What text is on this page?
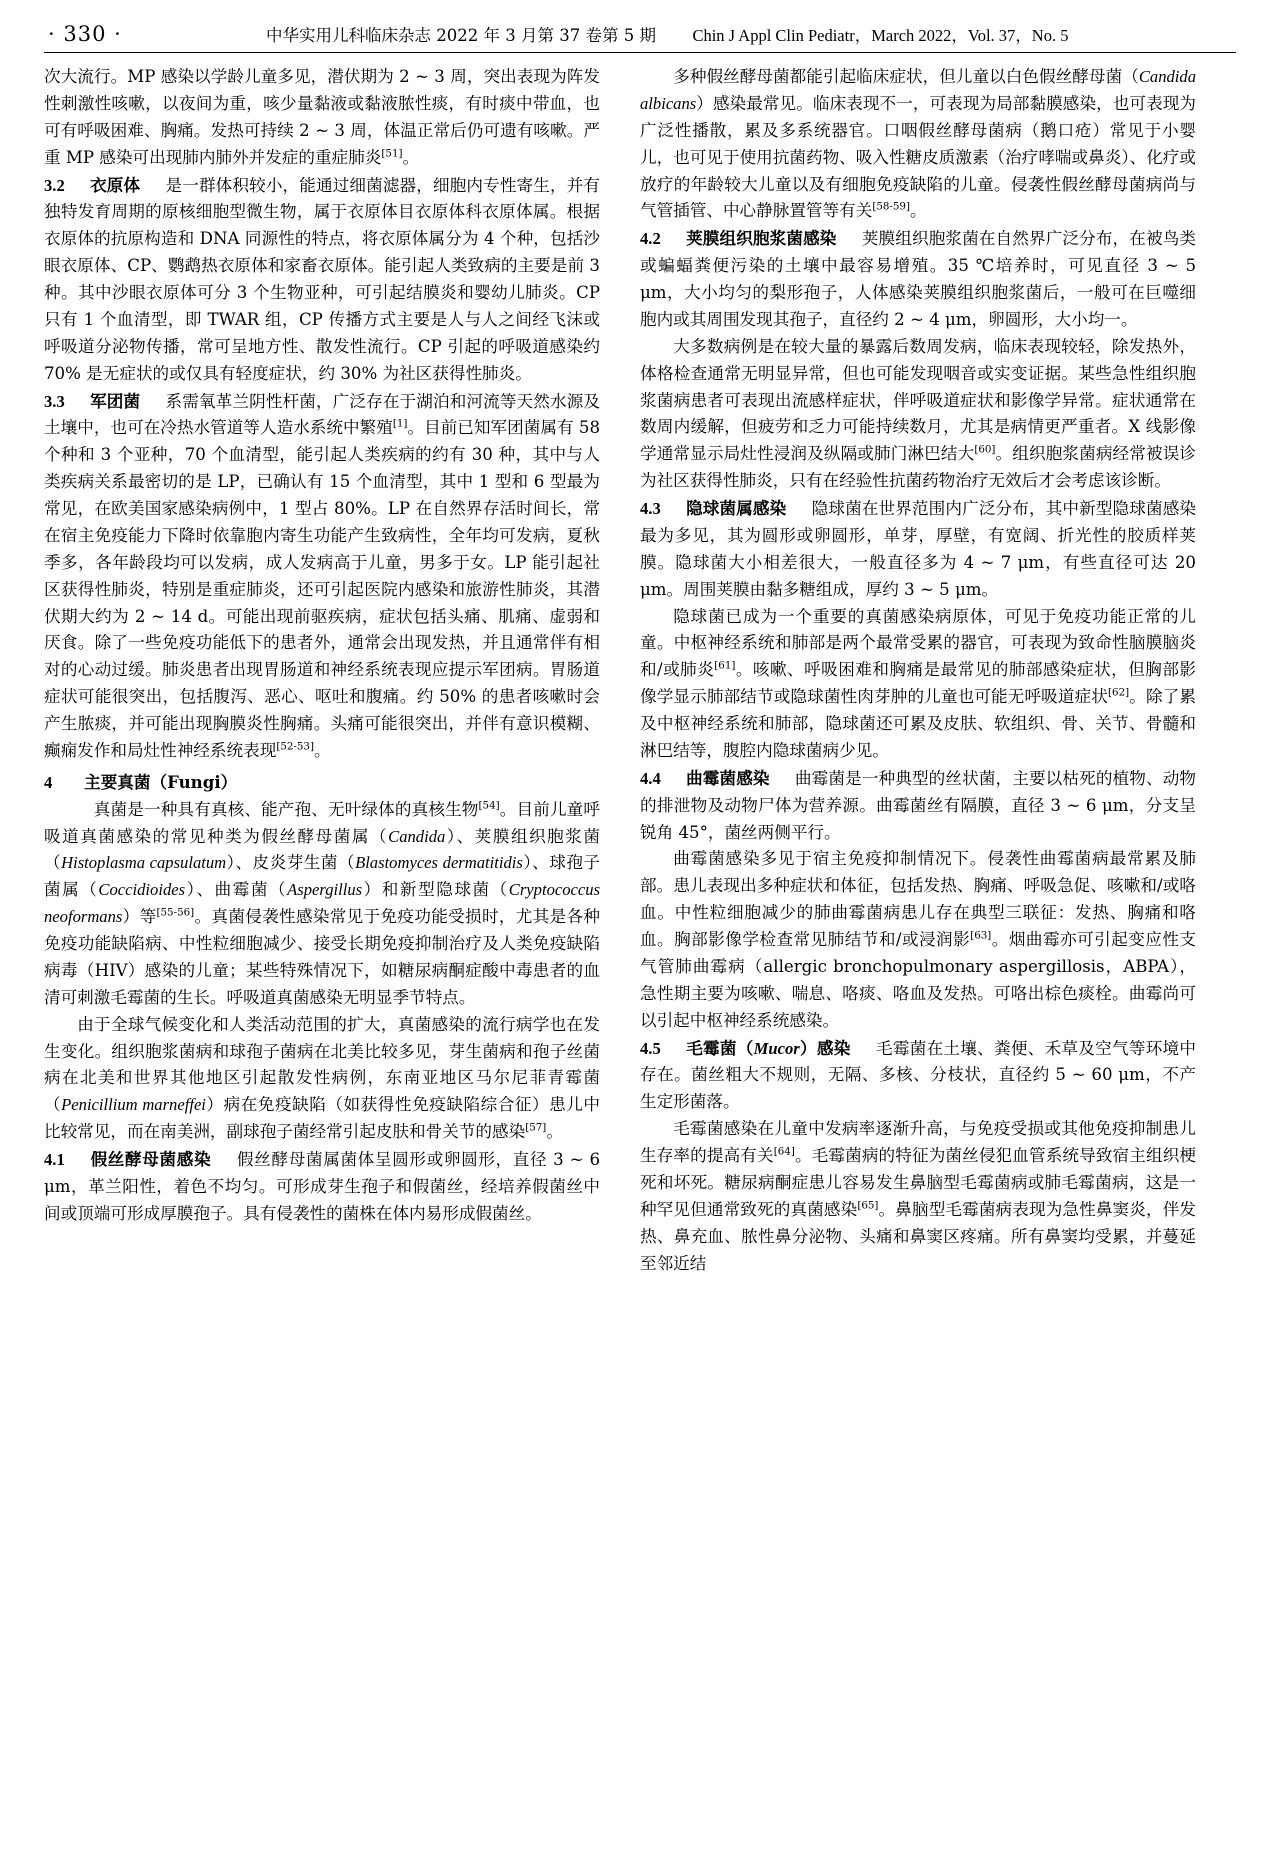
· 330 ·	中华实用儿科临床杂志 2022 年 3 月第 37 卷第 5 期 Chin J Appl Clin Pediatr，March 2022，Vol. 37，No. 5

次大流行。MP 感染以学龄儿童多见，潜伏期为 2 ~ 3 周，突出表现为阵发性刺激性咳嗽，以夜间为重，咳少量黏液或黏液脓性痰，有时痰中带血，也可有呼吸困难、胸痛。发热可持续 2 ~ 3 周，体温正常后仍可遗有咳嗽。严重 MP 感染可出现肺内肺外并发症的重症肺炎[51]。

3.2 衣原体 是一群体积较小，能通过细菌滤器，细胞内专性寄生，并有独特发育周期的原核细胞型微生物，属于衣原体目衣原体科衣原体属。根据衣原体的抗原构造和 DNA 同源性的特点，将衣原体属分为 4 个种，包括沙眼衣原体、CP、鹦鹉热衣原体和家畜衣原体。能引起人类致病的主要是前 3 种。其中沙眼衣原体可分 3 个生物亚种，可引起结膜炎和婴幼儿肺炎。CP 只有 1 个血清型，即 TWAR 组，CP 传播方式主要是人与人之间经飞沫或呼吸道分泌物传播，常可呈地方性、散发性流行。CP 引起的呼吸道感染约 70% 是无症状的或仅具有轻度症状，约 30% 为社区获得性肺炎。

3.3 军团菌 系需氧革兰阴性杆菌，广泛存在于湖泊和河流等天然水源及土壤中，也可在冷热水管道等人造水系统中繁殖[1]。目前已知军团菌属有 58 个种和 3 个亚种，70 个血清型，能引起人类疾病的约有 30 种，其中与人类疾病关系最密切的是 LP，已确认有 15 个血清型，其中 1 型和 6 型最为常见，在欧美国家感染病例中，1 型占 80%。LP 在自然界存活时间长，常在宿主免疫能力下降时依靠胞内寄生功能产生致病性，全年均可发病，夏秋季多，各年龄段均可以发病，成人发病高于儿童，男多于女。LP 能引起社区获得性肺炎，特别是重症肺炎，还可引起医院内感染和旅游性肺炎，其潜伏期大约为 2 ~ 14 d。可能出现前驱疾病，症状包括头痛、肌痛、虚弱和厌食。除了一些免疫功能低下的患者外，通常会出现发热，并且通常伴有相对的心动过缓。肺炎患者出现胃肠道和神经系统表现应提示军团病。胃肠道症状可能很突出，包括腹泻、恶心、呕吐和腹痛。约 50% 的患者咳嗽时会产生脓痰，并可能出现胸膜炎性胸痛。头痛可能很突出，并伴有意识模糊、癫痫发作和局灶性神经系统表现[52-53]。

4 主要真菌（Fungi）

真菌是一种具有真核、能产孢、无叶绿体的真核生物[54]。目前儿童呼吸道真菌感染的常见种类为假丝酵母菌属（Candida）、荚膜组织胞浆菌（Histoplasma capsulatum）、皮炎芽生菌（Blastomyces dermatitidis）、球孢子菌属（Coccidioides）、曲霉菌（Aspergillus）和新型隐球菌（Cryptococcus neoformans）等[55-56]。真菌侵袭性感染常见于免疫功能受损时，尤其是各种免疫功能缺陷病、中性粒细胞减少、接受长期免疫抑制治疗及人类免疫缺陷病毒（HIV）感染的儿童；某些特殊情况下，如糖尿病酮症酸中毒患者的血清可刺激毛霉菌的生长。呼吸道真菌感染无明显季节特点。

由于全球气候变化和人类活动范围的扩大，真菌感染的流行病学也在发生变化。组织胞浆菌病和球孢子菌病在北美比较多见，芽生菌病和孢子丝菌病在北美和世界其他地区引起散发性病例，东南亚地区马尔尼菲青霉菌（Penicillium marneffei）病在免疫缺陷（如获得性免疫缺陷综合征）患儿中比较常见，而在南美洲，副球孢子菌经常引起皮肤和骨关节的感染[57]。

4.1 假丝酵母菌感染 假丝酵母菌属菌体呈圆形或卵圆形，直径 3 ~ 6 μm，革兰阳性，着色不均匀。可形成芽生孢子和假菌丝，经培养假菌丝中间或顶端可形成厚膜孢子。具有侵袭性的菌株在体内易形成假菌丝。

多种假丝酵母菌都能引起临床症状，但儿童以白色假丝酵母菌（Candida albicans）感染最常见。临床表现不一，可表现为局部黏膜感染，也可表现为广泛性播散，累及多系统器官。口咽假丝酵母菌病（鹅口疮）常见于小婴儿，也可见于使用抗菌药物、吸入性糖皮质激素（治疗哮喘或鼻炎）、化疗或放疗的年龄较大儿童以及有细胞免疫缺陷的儿童。侵袭性假丝酵母菌病尚与气管插管、中心静脉置管等有关[58-59]。

4.2 荚膜组织胞浆菌感染 荚膜组织胞浆菌在自然界广泛分布，在被鸟类或蝙蝠粪便污染的土壤中最容易增殖。35 ℃培养时，可见直径 3 ~ 5 μm，大小均匀的梨形孢子，人体感染荚膜组织胞浆菌后，一般可在巨噬细胞内或其周围发现其孢子，直径约 2 ~ 4 μm，卵圆形，大小均一。

大多数病例是在较大量的暴露后数周发病，临床表现较轻，除发热外，体格检查通常无明显异常，但也可能发现咽音或实变证据。某些急性组织胞浆菌病患者可表现出流感样症状，伴呼吸道症状和影像学异常。症状通常在数周内缓解，但疲劳和乏力可能持续数月，尤其是病情更严重者。X 线影像学通常显示局灶性浸润及纵隔或肺门淋巴结大[60]。组织胞浆菌病经常被误诊为社区获得性肺炎，只有在经验性抗菌药物治疗无效后才会考虑该诊断。

4.3 隐球菌属感染 隐球菌在世界范围内广泛分布，其中新型隐球菌感染最为多见，其为圆形或卵圆形，单芽，厚壁，有宽阔、折光性的胶质样荚膜。隐球菌大小相差很大，一般直径多为 4 ~ 7 μm，有些直径可达 20 μm。周围荚膜由黏多糖组成，厚约 3 ~ 5 μm。

隐球菌已成为一个重要的真菌感染病原体，可见于免疫功能正常的儿童。中枢神经系统和肺部是两个最常受累的器官，可表现为致命性脑膜脑炎和/或肺炎[61]。咳嗽、呼吸困难和胸痛是最常见的肺部感染症状，但胸部影像学显示肺部结节或隐球菌性肉芽肿的儿童也可能无呼吸道症状[62]。除了累及中枢神经系统和肺部，隐球菌还可累及皮肤、软组织、骨、关节、骨髓和淋巴结等，腹腔内隐球菌病少见。

4.4 曲霉菌感染 曲霉菌是一种典型的丝状菌，主要以枯死的植物、动物的排泄物及动物尸体为营养源。曲霉菌丝有隔膜，直径 3 ~ 6 μm，分支呈锐角 45°，菌丝两侧平行。

曲霉菌感染多见于宿主免疫抑制情况下。侵袭性曲霉菌病最常累及肺部。患儿表现出多种症状和体征，包括发热、胸痛、呼吸急促、咳嗽和/或咯血。中性粒细胞减少的肺曲霉菌病患儿存在典型三联征：发热、胸痛和咯血。胸部影像学检查常见肺结节和/或浸润影[63]。烟曲霉亦可引起变应性支气管肺曲霉病（allergic bronchopulmonary aspergillosis，ABPA），急性期主要为咳嗽、喘息、咯痰、咯血及发热。可咯出棕色痰栓。曲霉尚可以引起中枢神经系统感染。

4.5 毛霉菌（Mucor）感染 毛霉菌在土壤、粪便、禾草及空气等环境中存在。菌丝粗大不规则，无隔、多核、分枝状，直径约 5 ~ 60 μm，不产生定形菌落。

毛霉菌感染在儿童中发病率逐渐升高，与免疫受损或其他免疫抑制患儿生存率的提高有关[64]。毛霉菌病的特征为菌丝侵犯血管系统导致宿主组织梗死和坏死。糖尿病酮症患儿容易发生鼻脑型毛霉菌病或肺毛霉菌病，这是一种罕见但通常致死的真菌感染[65]。鼻脑型毛霉菌病表现为急性鼻窦炎，伴发热、鼻充血、脓性鼻分泌物、头痛和鼻窦区疼痛。所有鼻窦均受累，并蔓延至邻近结
